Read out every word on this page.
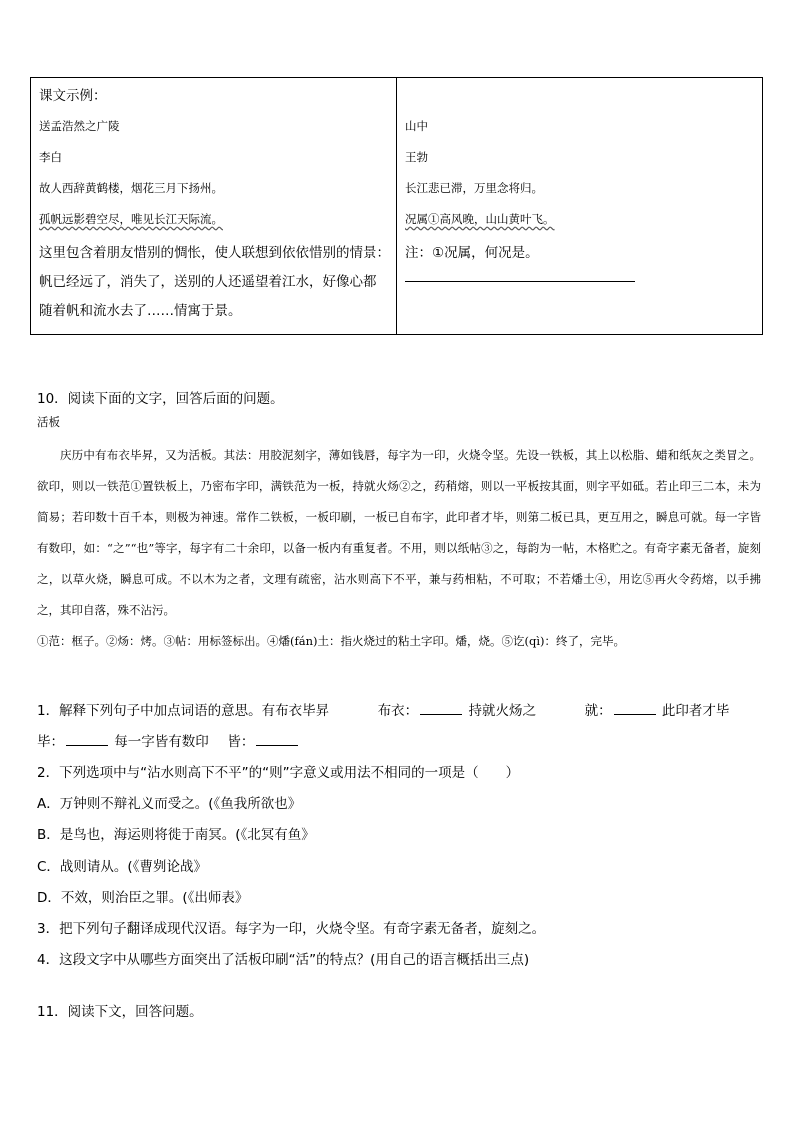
课文示例：
送孟浩然之广陵
李白
故人西辞黄鹤楼，烟花三月下扬州。
孤帆远影碧空尽，唯见长江天际流。
这里包含着朋友惜别的惆怅，使人联想到依依惜别的情景：
帆已经远了，消失了，送别的人还遥望着江水，好像心都
随着帆和流水去了……情寓于景。

山中
王勃
长江悲已滞，万里念将归。
况属①高风晚，山山黄叶飞。
注：①况属，何况是。
10．阅读下面的文字，回答后面的问题。
活板

庆历中有布衣毕昇，又为活板。其法：用胶泥刻字，薄如钱唇，每字为一印，火烧令坚。先设一铁板，其上以松脂、蜡和纸灰之类冒之。欲印，则以一铁范①置铁板上，乃密布字印，满铁范为一板，持就火炀②之，药稍熔，则以一平板按其面，则字平如砥。若止印三二本，未为简易；若印数十百千本，则极为神速。常作二铁板，一板印刷，一板已自布字，此印者才毕，则第二板已具，更互用之，瞬息可就。每一字皆有数印，如：“之”“也”等字，每字有二十余印，以备一板内有重复者。不用，则以纸帖③之，每韵为一帖，木格贮之。有奇字素无备者，旋刻之，以草火烧，瞬息可成。不以木为之者，文理有疏密，沾水则高下不平，兼与药相粘，不可取；不若燔土④，用讫⑤再火令药熔，以手拂之，其印自落，殊不沾污。

①范：框子。②炀：烤。③帖：用标签标出。④燔(fán)土：指火烧过的粘土字印。燔，烧。⑤讫(qì)：终了，完毕。

1．解释下列句子中加点词语的意思。有布衣毕昇	布衣：	持就火炀之	就：	此印者才毕
毕：	每一字皆有数印 皆：
2．下列选项中与“沾水则高下不平”的“则”字意义或用法不相同的一项是（　　）
A．万钟则不辩礼义而受之。(《鱼我所欲也》
B．是鸟也，海运则将徙于南冥。(《北冥有鱼》
C．战则请从。(《曹刿论战》
D．不效，则治臣之罪。(《出师表》
3．把下列句子翻译成现代汉语。每字为一印，火烧令坚。有奇字素无备者，旋刻之。
4．这段文字中从哪些方面突出了活板印刷“活”的特点？(用自己的语言概括出三点)
11．阅读下文，回答问题。
